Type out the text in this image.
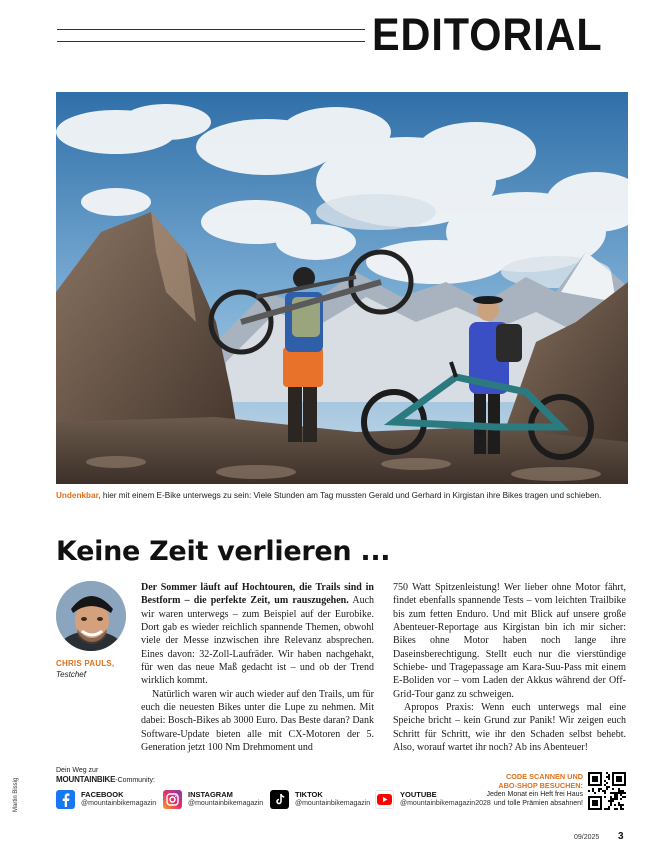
EDITORIAL
Undenkbar, hier mit einem E-Bike unterwegs zu sein: Viele Stunden am Tag mussten Gerald und Gerhard in Kirgistan ihre Bikes tragen und schieben.
Keine Zeit verlieren ...
CHRIS PAULS,
Testchef

Der Sommer läuft auf Hochtouren, die Trails sind in Bestform – die perfekte Zeit, um rauszugehen. Auch wir waren unterwegs – zum Beispiel auf der Eurobike. Dort gab es wieder reichlich spannende Themen, obwohl viele der Messe inzwischen ihre Relevanz absprechen. Eines davon: 32-Zoll-Laufräder. Wir haben nachgehakt, für wen das neue Maß gedacht ist – und ob der Trend wirklich kommt.

Natürlich waren wir auch wieder auf den Trails, um für euch die neuesten Bikes unter die Lupe zu nehmen. Mit dabei: Bosch-Bikes ab 3000 Euro. Das Beste daran? Dank Software-Update bieten alle mit CX-Motoren der 5. Generation jetzt 100 Nm Drehmoment und

750 Watt Spitzenleistung! Wer lieber ohne Motor fährt, findet ebenfalls spannende Tests – vom leichten Trailbike bis zum fetten Enduro. Und mit Blick auf unsere große Abenteuer-Reportage aus Kirgistan bin ich mir sicher: Bikes ohne Motor haben noch lange ihre Daseinsberechtigung. Stellt euch nur die vierstündige Schiebe- und Tragepassage am Kara-Suu-Pass mit einem E-Boliden vor – vom Laden der Akkus während der Off-Grid-Tour ganz zu schweigen.

Apropos Praxis: Wenn euch unterwegs mal eine Speiche bricht – kein Grund zur Panik! Wir zeigen euch Schritt für Schritt, wie ihr den Schaden selbst behebt. Also, worauf wartet ihr noch? Ab ins Abenteuer!

Martin Bissig
Dein Weg zur
MOUNTAINBIKE-Community:
FACEBOOK
@mountainbikemagazin
INSTAGRAM
@mountainbikemagazin
TIKTOK
@mountainbikemagazin
YOUTUBE
@mountainbikemagazin2028
CODE SCANNEN UND
ABO-SHOP BESUCHEN:
Jeden Monat ein Heft frei Haus
und tolle Prämien absahnen!
09/2025 3
